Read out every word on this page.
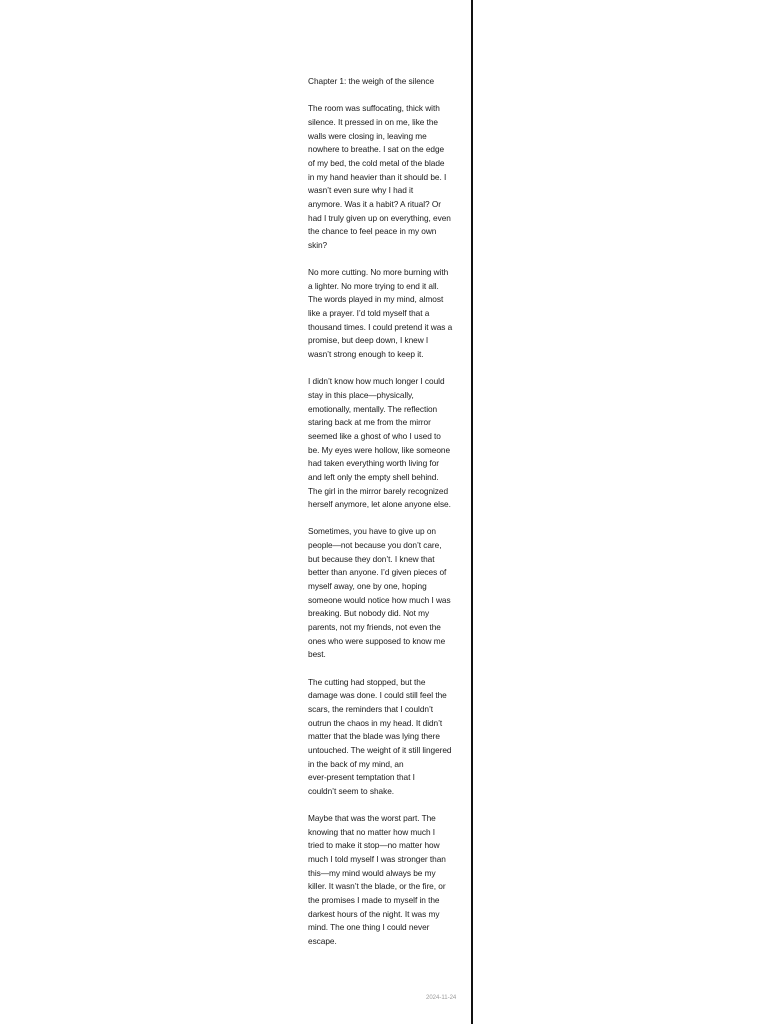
Chapter 1: the weigh of the silence

The room was suffocating, thick with
silence. It pressed in on me, like the
walls were closing in, leaving me
nowhere to breathe. I sat on the edge
of my bed, the cold metal of the blade
in my hand heavier than it should be. I
wasn’t even sure why I had it
anymore. Was it a habit? A ritual? Or
had I truly given up on everything, even
the chance to feel peace in my own
skin?

No more cutting. No more burning with
a lighter. No more trying to end it all.
The words played in my mind, almost
like a prayer. I’d told myself that a
thousand times. I could pretend it was a
promise, but deep down, I knew I
wasn’t strong enough to keep it.

I didn’t know how much longer I could
stay in this place—physically,
emotionally, mentally. The reflection
staring back at me from the mirror
seemed like a ghost of who I used to
be. My eyes were hollow, like someone
had taken everything worth living for
and left only the empty shell behind.
The girl in the mirror barely recognized
herself anymore, let alone anyone else.

Sometimes, you have to give up on
people—not because you don’t care,
but because they don’t. I knew that
better than anyone. I’d given pieces of
myself away, one by one, hoping
someone would notice how much I was
breaking. But nobody did. Not my
parents, not my friends, not even the
ones who were supposed to know me
best.

The cutting had stopped, but the
damage was done. I could still feel the
scars, the reminders that I couldn’t
outrun the chaos in my head. It didn’t
matter that the blade was lying there
untouched. The weight of it still lingered
in the back of my mind, an
ever-present temptation that I
couldn’t seem to shake.

Maybe that was the worst part. The
knowing that no matter how much I
tried to make it stop—no matter how
much I told myself I was stronger than
this—my mind would always be my
killer. It wasn’t the blade, or the fire, or
the promises I made to myself in the
darkest hours of the night. It was my
mind. The one thing I could never
escape.

2024-11-24
